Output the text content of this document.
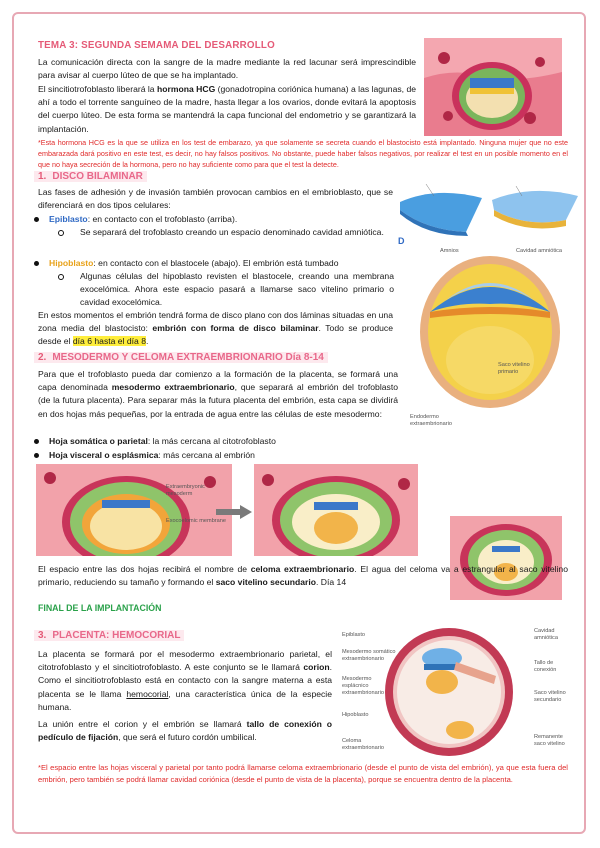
TEMA 3: SEGUNDA SEMAMA DEL DESARROLLO
La comunicación directa con la sangre de la madre mediante la red lacunar será imprescindible para avisar al cuerpo lúteo de que se ha implantado.
El sincitiotrofoblasto liberará la hormona HCG (gonadotropina coriónica humana) a las lagunas, de ahí a todo el torrente sanguíneo de la madre, hasta llegar a los ovarios, donde evitará la apoptosis del cuerpo lúteo. De esta forma se mantendrá la capa funcional del endometrio y se garantizará la implantación.
*Esta hormona HCG es la que se utiliza en los test de embarazo, ya que solamente se secreta cuando el blastocisto está implantado. Ninguna mujer que no este embarazada dará positivo en este test, es decir, no hay falsos positivos. No obstante, puede haber falsos negativos, por realizar el test en un posible momento en el que no haya secreción de la hormona, pero no hay suficiente como para que el test la detecte.
1. DISCO BILAMINAR
Las fases de adhesión y de invasión también provocan cambios en el embrioblasto, que se diferenciará en dos tipos celulares:
Epiblasto: en contacto con el trofoblasto (arriba).
Se separará del trofoblasto creando un espacio denominado cavidad amniótica.
Hipoblasto: en contacto con el blastocele (abajo). El embrión está tumbado
Algunas células del hipoblasto revisten el blastocele, creando una membrana exocelómica. Ahora este espacio pasará a llamarse saco vitelino primario o cavidad exocelómica.
En estos momentos el embrión tendrá forma de disco plano con dos láminas situadas en una zona media del blastocisto: embrión con forma de disco bilaminar. Todo se produce desde el día 6 hasta el día 8.
D
Amnios	Cavidad amniótica
Saco vitelino primario
Endodermo extraembrionario
2. MESODERMO Y CELOMA EXTRAEMBRIONARIO Día 8-14
Para que el trofoblasto pueda dar comienzo a la formación de la placenta, se formará una capa denominada mesodermo extraembrionario, que separará al embrión del trofoblasto (de la futura placenta). Para separar más la futura placenta del embrión, esta capa se dividirá en dos hojas más pequeñas, por la entrada de agua entre las células de este mesodermo:
Hoja somática o parietal: la más cercana al citotrofoblasto
Hoja visceral o esplásmica: más cercana al embrión
Extraembryonic mesoderm
Exocoelomic membrane
El espacio entre las dos hojas recibirá el nombre de celoma extraembrionario. El agua del celoma va a estrangular al saco vitelino primario, reduciendo su tamaño y formando el saco vitelino secundario. Día 14
FINAL DE LA IMPLANTACIÓN
3. PLACENTA: HEMOCORIAL
La placenta se formará por el mesodermo extraembrionario parietal, el citotrofoblasto y el sincitiotrofoblasto. A este conjunto se le llamará corion. Como el sincitiotrofoblasto está en contacto con la sangre materna a esta placenta se le llama hemocorial, una característica única de la especie humana.
La unión entre el corion y el embrión se llamará tallo de conexión o pedículo de fijación, que será el futuro cordón umbilical.
Epiblasto
Mesodermo somático extraembrionario
Mesodermo esplácnico extraembrionario
Hipoblasto
Celoma extraembrionario
Cavidad amniótica
Tallo de conexión
Saco vitelino secundario
Remanente saco vitelino
*El espacio entre las hojas visceral y parietal por tanto podrá llamarse celoma extraembrionario (desde el punto de vista del embrión), ya que esta fuera del embrión, pero también se podrá llamar cavidad coriónica (desde el punto de vista de la placenta), porque se encuentra dentro de la placenta.
